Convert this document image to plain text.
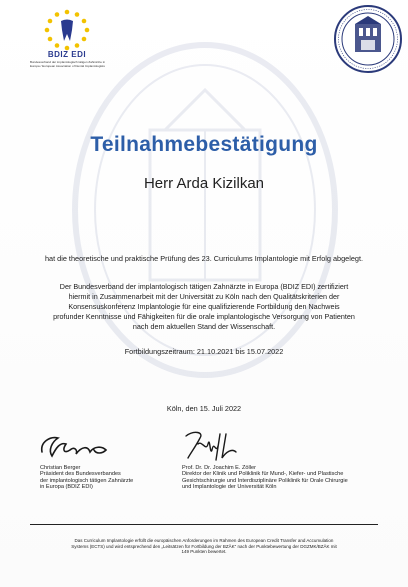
BDIZ EDI
Bundesverband der implantologisch tätigen Zahnärzte in Europa / European Association of Dental Implantologists
Teilnahmebestätigung
Herr Arda Kizilkan
hat die theoretische und praktische Prüfung des 23. Curriculums Implantologie mit Erfolg abgelegt.
Der Bundesverband der implantologisch tätigen Zahnärzte in Europa (BDIZ EDI) zertifiziert
hiermit in Zusammenarbeit mit der Universität zu Köln nach den Qualitätskriterien der
Konsensuskonferenz Implantologie für eine qualifizierende Fortbildung den Nachweis
profunder Kenntnisse und Fähigkeiten für die orale implantologische Versorgung von Patienten
nach dem aktuellen Stand der Wissenschaft.
Fortbildungszeitraum: 21.10.2021 bis 15.07.2022
Köln, den 15. Juli 2022
Christian Berger
Präsident des Bundesverbandes
der implantologisch tätigen Zahnärzte
in Europa (BDIZ EDI)
Prof. Dr. Dr. Joachim E. Zöller
Direktor der Klinik und Poliklinik für Mund-, Kiefer- und Plastische
Gesichtschirurgie und Interdisziplinäre Poliklinik für Orale Chirurgie
und Implantologie der Universität Köln
Das Curriculum Implantologie erfüllt die europäischen Anforderungen im Rahmen des European Credit Transfer and Accumulation
Systems (ECTS) und wird entsprechend den „Leitsätzen für Fortbildung der BZÄK" nach der Punktebewertung der DGZMK/BZÄK mit
149 Punkten bewertet.
